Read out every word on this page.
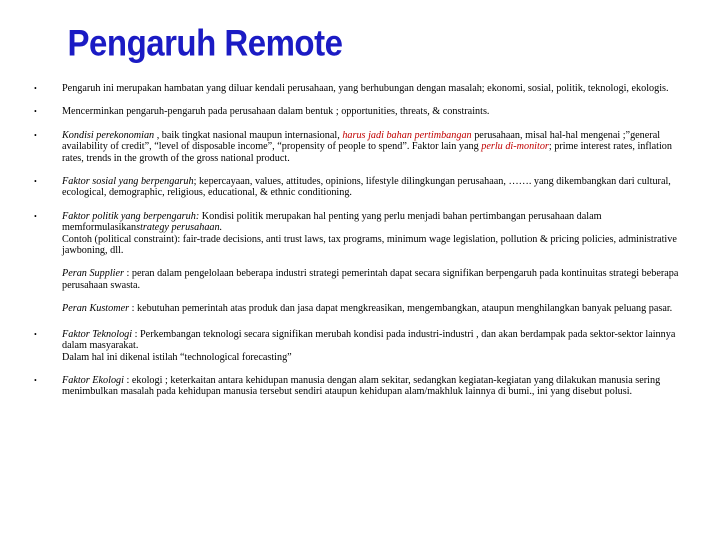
Pengaruh Remote
• Pengaruh ini merupakan hambatan yang diluar kendali perusahaan, yang berhubungan dengan masalah; ekonomi, sosial, politik, teknologi, ekologis.
• Mencerminkan pengaruh-pengaruh pada perusahaan dalam bentuk ; opportunities, threats, & constraints.
• Kondisi perekonomian , baik tingkat nasional maupun internasional, harus jadi bahan pertimbangan perusahaan, misal hal-hal mengenai ;”general availability of credit”, “level of disposable income”, “propensity of people to spend”. Faktor lain yang perlu di-monitor; prime interest rates, inflation rates, trends in the growth of the gross national product.
• Faktor sosial yang berpengaruh; kepercayaan, values, attitudes, opinions, lifestyle dilingkungan perusahaan, ……. yang dikembangkan dari cultural, ecological, demographic, religious, educational, & ethnic conditioning.
• Faktor politik yang berpengaruh: Kondisi politik merupakan hal penting yang perlu menjadi bahan pertimbangan perusahaan dalam memformulasikanstrategy perusahaan.
Contoh (political constraint): fair-trade decisions, anti trust laws, tax programs, minimum wage legislation, pollution & pricing policies, administrative jawboning, dll.
Peran Supplier : peran dalam pengelolaan beberapa industri strategi pemerintah dapat secara signifikan berpengaruh pada kontinuitas strategi beberapa perusahaan swasta.
Peran Kustomer : kebutuhan pemerintah atas produk dan jasa dapat mengkreasikan, mengembangkan, ataupun menghilangkan banyak peluang pasar.
• Faktor Teknologi : Perkembangan teknologi secara signifikan merubah kondisi pada industri-industri , dan akan berdampak pada sektor-sektor lainnya dalam masyarakat.
Dalam hal ini dikenal istilah “technological forecasting”
• Faktor Ekologi : ekologi ; keterkaitan antara kehidupan manusia dengan alam sekitar, sedangkan kegiatan-kegiatan yang dilakukan manusia sering menimbulkan masalah pada kehidupan manusia tersebut sendiri ataupun kehidupan alam/makhluk lainnya di bumi., ini yang disebut polusi.
